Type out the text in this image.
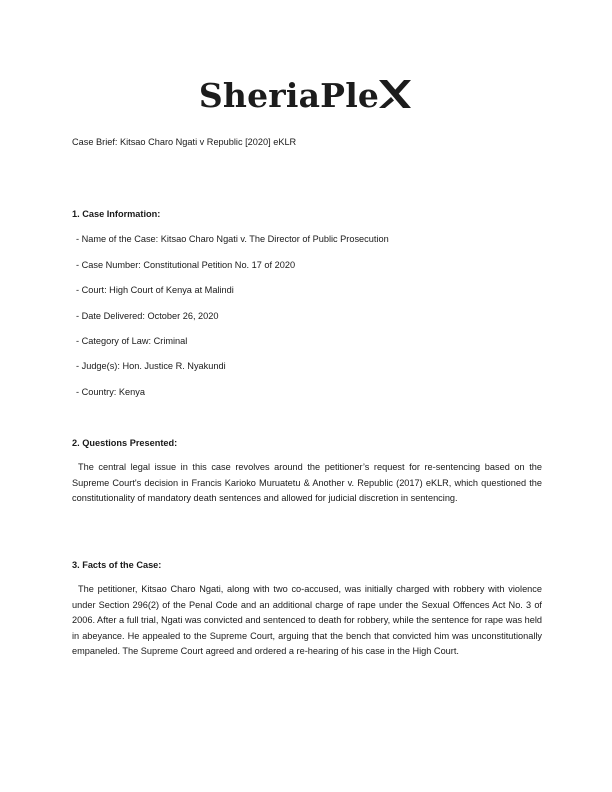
SheriaPle
Case Brief: Kitsao Charo Ngati v Republic [2020] eKLR
1. Case Information:
- Name of the Case: Kitsao Charo Ngati v. The Director of Public Prosecution
- Case Number: Constitutional Petition No. 17 of 2020
- Court: High Court of Kenya at Malindi
- Date Delivered: October 26, 2020
- Category of Law: Criminal
- Judge(s): Hon. Justice R. Nyakundi
- Country: Kenya
2. Questions Presented:
The central legal issue in this case revolves around the petitioner’s request for re-sentencing based on the Supreme Court's decision in Francis Karioko Muruatetu & Another v. Republic (2017) eKLR, which questioned the constitutionality of mandatory death sentences and allowed for judicial discretion in sentencing.
3. Facts of the Case:
The petitioner, Kitsao Charo Ngati, along with two co-accused, was initially charged with robbery with violence under Section 296(2) of the Penal Code and an additional charge of rape under the Sexual Offences Act No. 3 of 2006. After a full trial, Ngati was convicted and sentenced to death for robbery, while the sentence for rape was held in abeyance. He appealed to the Supreme Court, arguing that the bench that convicted him was unconstitutionally empaneled. The Supreme Court agreed and ordered a re-hearing of his case in the High Court.
